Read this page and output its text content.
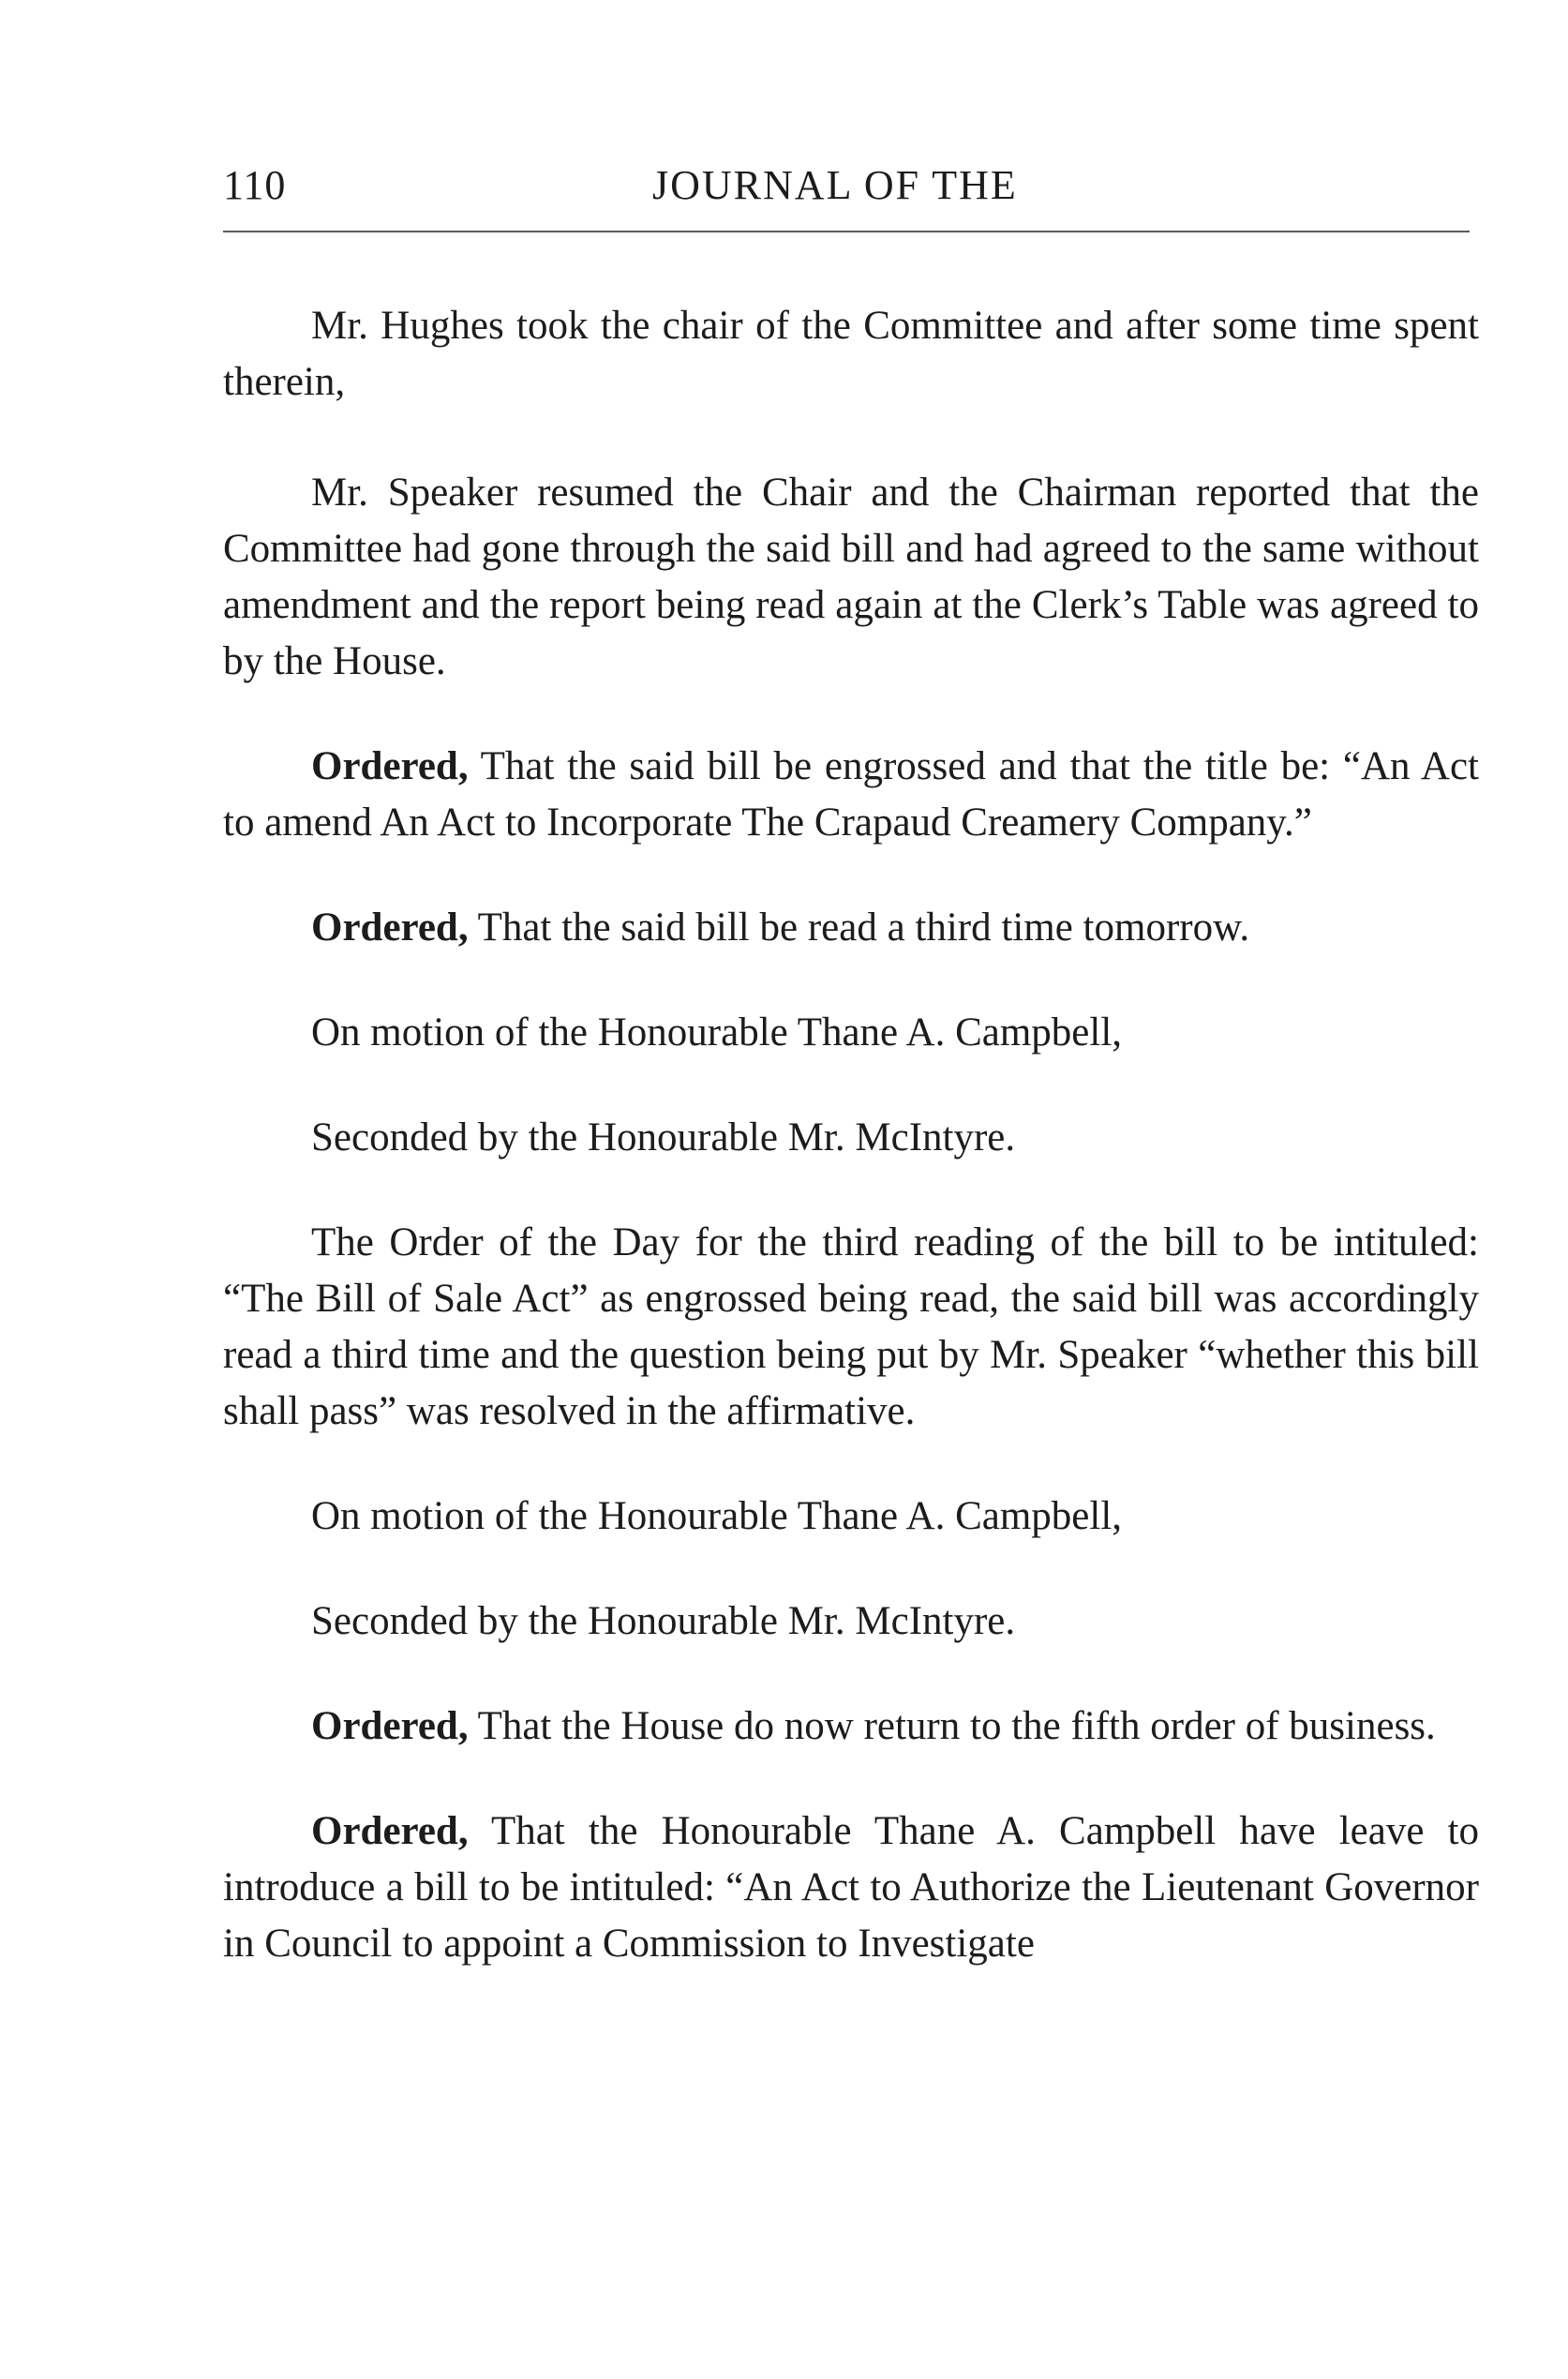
110	JOURNAL OF THE

Mr. Hughes took the chair of the Committee and after some time spent therein,

Mr. Speaker resumed the Chair and the Chairman reported that the Committee had gone through the said bill and had agreed to the same without amendment and the report being read again at the Clerk’s Table was agreed to by the House.

Ordered, That the said bill be engrossed and that the title be: “An Act to amend An Act to Incorporate The Crapaud Creamery Company.”

Ordered, That the said bill be read a third time tomorrow.

On motion of the Honourable Thane A. Campbell,

Seconded by the Honourable Mr. McIntyre.

The Order of the Day for the third reading of the bill to be intituled: “The Bill of Sale Act” as engrossed being read, the said bill was accordingly read a third time and the question being put by Mr. Speaker “whether this bill shall pass” was resolved in the affirmative.

On motion of the Honourable Thane A. Campbell,

Seconded by the Honourable Mr. McIntyre.

Ordered, That the House do now return to the fifth order of business.

Ordered, That the Honourable Thane A. Campbell have leave to introduce a bill to be intituled: “An Act to Authorize the Lieutenant Governor in Council to appoint a Commission to Investigate
